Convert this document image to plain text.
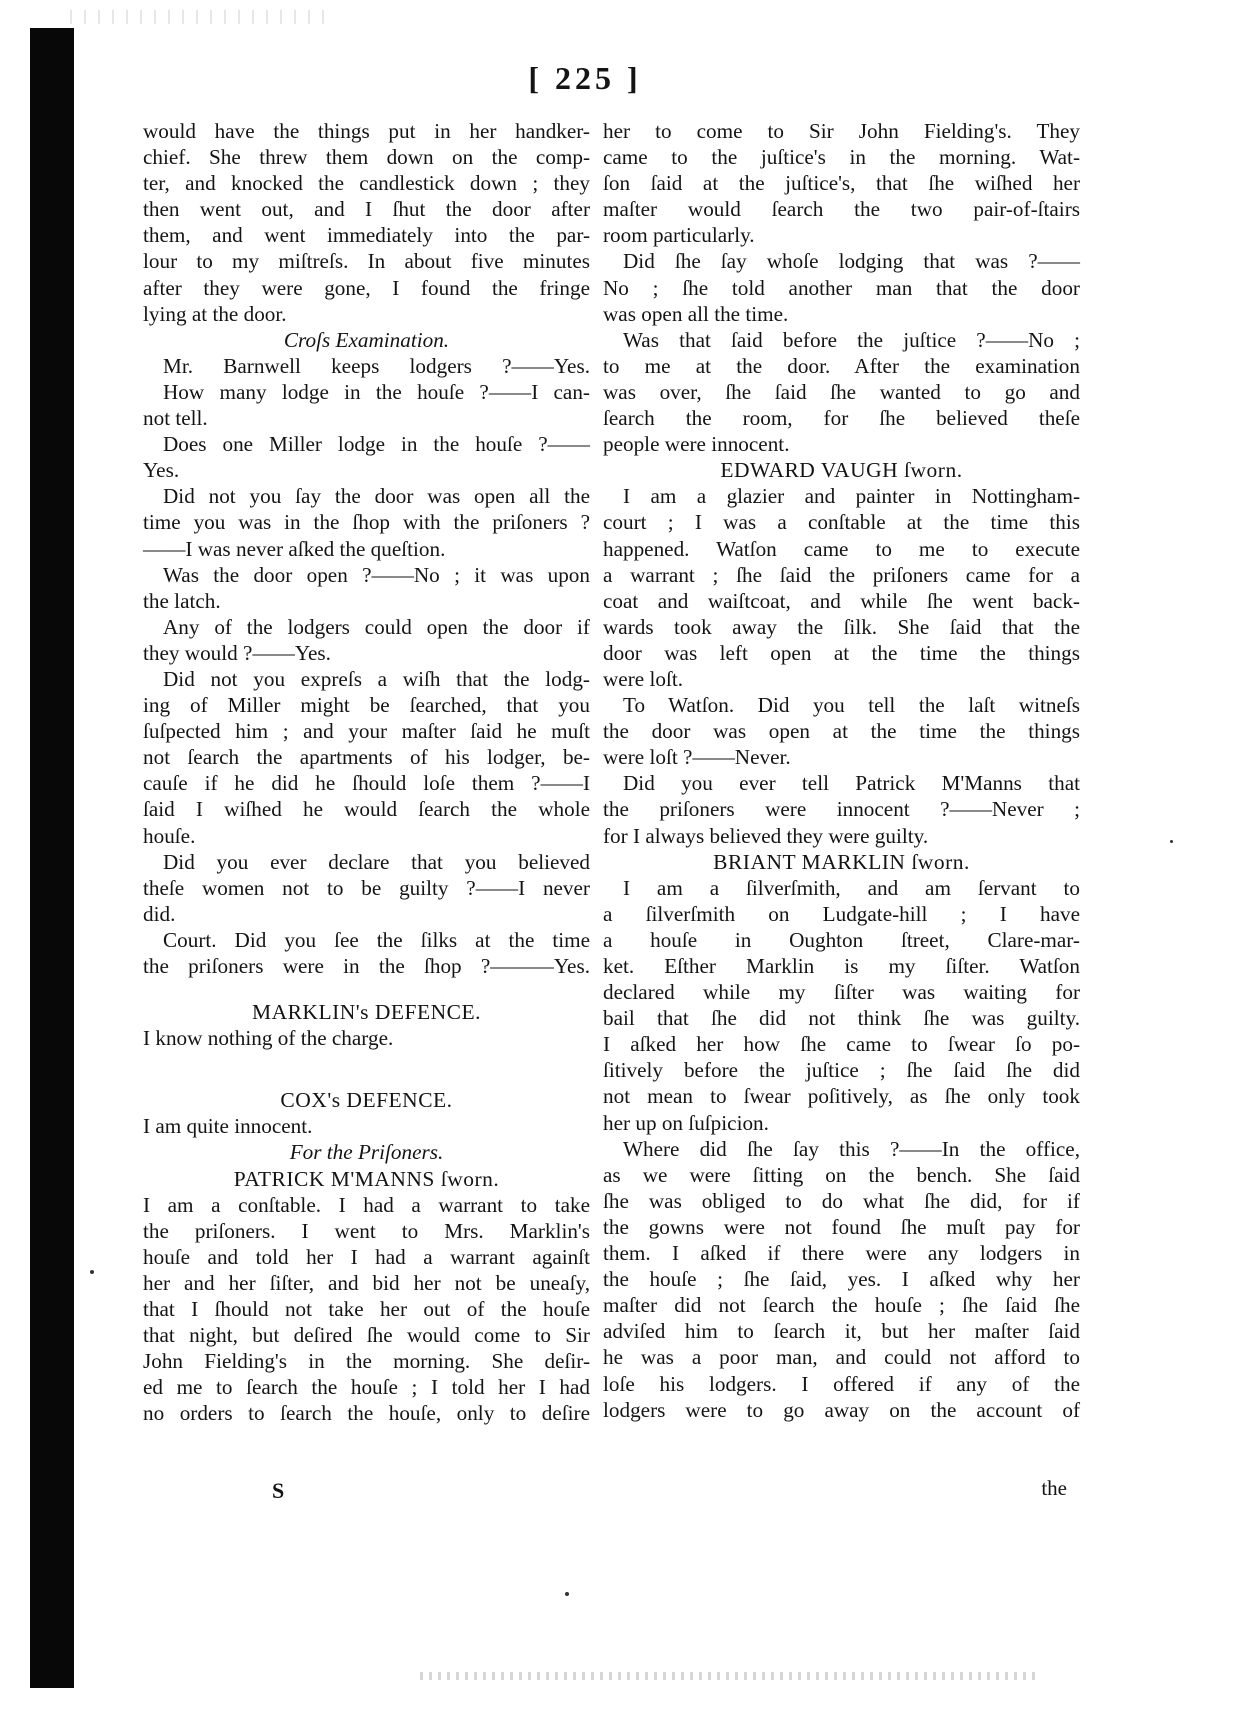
[ 225 ]
would have the things put in her handker-
chief. She threw them down on the comp-
ter, and knocked the candlestick down ; they
then went out, and I ſhut the door after
them, and went immediately into the par-
lour to my miſtreſs. In about five minutes
after they were gone, I found the fringe
lying at the door.
Croſs Examination.
Mr. Barnwell keeps lodgers ?——Yes.
How many lodge in the houſe ?——I can-
not tell.
Does one Miller lodge in the houſe ?——
Yes.
Did not you ſay the door was open all the
time you was in the ſhop with the priſoners ?
——I was never aſked the queſtion.
Was the door open ?——No ; it was upon
the latch.
Any of the lodgers could open the door if
they would ?——Yes.
Did not you expreſs a wiſh that the lodg-
ing of Miller might be ſearched, that you
ſuſpected him ; and your maſter ſaid he muſt
not ſearch the apartments of his lodger, be-
cauſe if he did he ſhould loſe them ?——I
ſaid I wiſhed he would ſearch the whole
houſe.
Did you ever declare that you believed
theſe women not to be guilty ?——I never
did.
Court. Did you ſee the ſilks at the time
the priſoners were in the ſhop ?———Yes.
MARKLIN's DEFENCE.
I know nothing of the charge.
COX's DEFENCE.
I am quite innocent.
For the Priſoners.
PATRICK M'MANNS ſworn.
I am a conſtable. I had a warrant to take
the priſoners. I went to Mrs. Marklin's
houſe and told her I had a warrant againſt
her and her ſiſter, and bid her not be uneaſy,
that I ſhould not take her out of the houſe
that night, but deſired ſhe would come to Sir
John Fielding's in the morning. She deſir-
ed me to ſearch the houſe ; I told her I had
no orders to ſearch the houſe, only to deſire
her to come to Sir John Fielding's. They
came to the juſtice's in the morning. Wat-
ſon ſaid at the juſtice's, that ſhe wiſhed her
maſter would ſearch the two pair-of-ſtairs
room particularly.
Did ſhe ſay whoſe lodging that was ?——
No ; ſhe told another man that the door
was open all the time.
Was that ſaid before the juſtice ?——No ;
to me at the door. After the examination
was over, ſhe ſaid ſhe wanted to go and
ſearch the room, for ſhe believed theſe
people were innocent.
EDWARD VAUGH ſworn.
I am a glazier and painter in Nottingham-
court ; I was a conſtable at the time this
happened. Watſon came to me to execute
a warrant ; ſhe ſaid the priſoners came for a
coat and waiſtcoat, and while ſhe went back-
wards took away the ſilk. She ſaid that the
door was left open at the time the things
were loſt.
To Watſon. Did you tell the laſt witneſs
the door was open at the time the things
were loſt ?——Never.
Did you ever tell Patrick M'Manns that
the priſoners were innocent ?——Never ;
for I always believed they were guilty.
BRIANT MARKLIN ſworn.
I am a ſilverſmith, and am ſervant to
a ſilverſmith on Ludgate-hill ; I have
a houſe in Oughton ſtreet, Clare-mar-
ket. Eſther Marklin is my ſiſter. Watſon
declared while my ſiſter was waiting for
bail that ſhe did not think ſhe was guilty.
I aſked her how ſhe came to ſwear ſo po-
ſitively before the juſtice ; ſhe ſaid ſhe did
not mean to ſwear poſitively, as ſhe only took
her up on ſuſpicion.
Where did ſhe ſay this ?——In the office,
as we were ſitting on the bench. She ſaid
ſhe was obliged to do what ſhe did, for if
the gowns were not found ſhe muſt pay for
them. I aſked if there were any lodgers in
the houſe ; ſhe ſaid, yes. I aſked why her
maſter did not ſearch the houſe ; ſhe ſaid ſhe
adviſed him to ſearch it, but her maſter ſaid
he was a poor man, and could not afford to
loſe his lodgers. I offered if any of the
lodgers were to go away on the account of
S	the
